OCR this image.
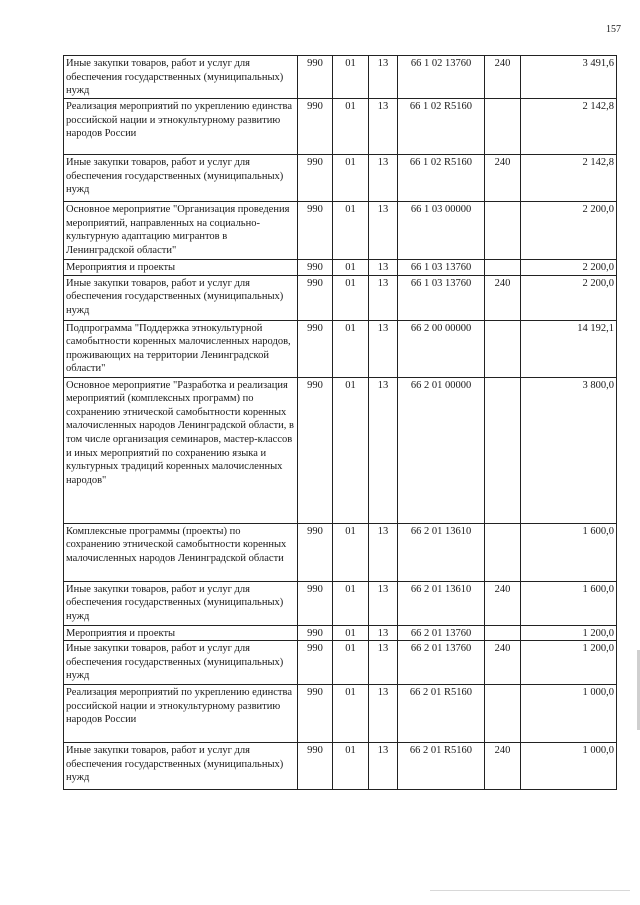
157
Иные закупки товаров, работ и услуг для обеспечения государственных (муниципальных) нужд	990	01	13	66 1 02 13760	240	3 491,6
Реализация мероприятий по укреплению единства российской нации и этнокультурному развитию народов России	990	01	13	66 1 02 R5160		2 142,8
Иные закупки товаров, работ и услуг для обеспечения государственных (муниципальных) нужд	990	01	13	66 1 02 R5160	240	2 142,8
Основное мероприятие "Организация проведения мероприятий, направленных на социально-культурную адаптацию мигрантов в Ленинградской области"	990	01	13	66 1 03 00000		2 200,0
Мероприятия и проекты	990	01	13	66 1 03 13760		2 200,0
Иные закупки товаров, работ и услуг для обеспечения государственных (муниципальных) нужд	990	01	13	66 1 03 13760	240	2 200,0
Подпрограмма "Поддержка этнокультурной самобытности коренных малочисленных народов, проживающих на территории Ленинградской области"	990	01	13	66 2 00 00000		14 192,1
Основное мероприятие "Разработка и реализация мероприятий (комплексных программ) по сохранению этнической самобытности коренных малочисленных народов Ленинградской области, в том числе организация семинаров, мастер-классов и иных мероприятий по сохранению языка и культурных традиций коренных малочисленных народов"	990	01	13	66 2 01 00000		3 800,0
Комплексные программы (проекты) по сохранению этнической самобытности коренных малочисленных народов Ленинградской области	990	01	13	66 2 01 13610		1 600,0
Иные закупки товаров, работ и услуг для обеспечения государственных (муниципальных) нужд	990	01	13	66 2 01 13610	240	1 600,0
Мероприятия и проекты	990	01	13	66 2 01 13760		1 200,0
Иные закупки товаров, работ и услуг для обеспечения государственных (муниципальных) нужд	990	01	13	66 2 01 13760	240	1 200,0
Реализация мероприятий по укреплению единства российской нации и этнокультурному развитию народов России	990	01	13	66 2 01 R5160		1 000,0
Иные закупки товаров, работ и услуг для обеспечения государственных (муниципальных) нужд	990	01	13	66 2 01 R5160	240	1 000,0
